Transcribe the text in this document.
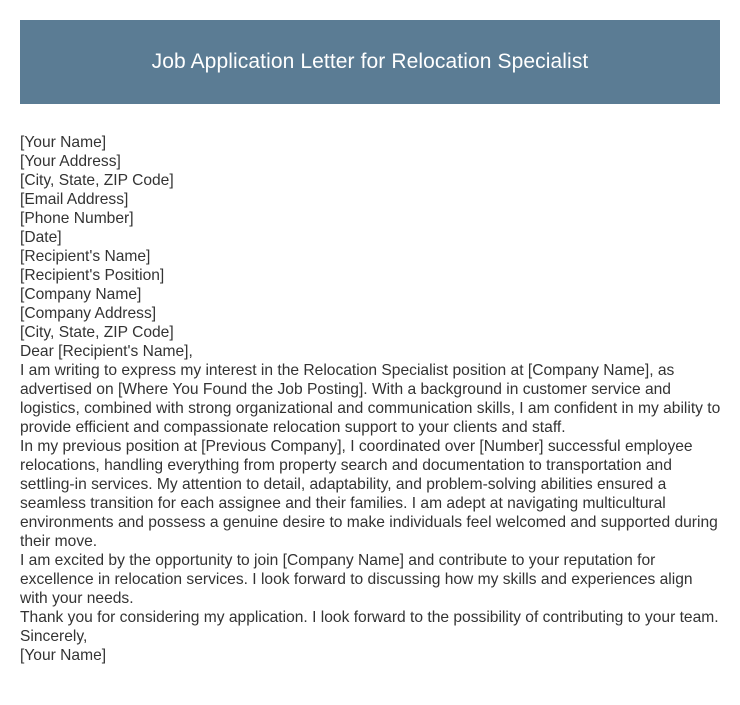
Job Application Letter for Relocation Specialist
[Your Name]
[Your Address]
[City, State, ZIP Code]
[Email Address]
[Phone Number]
[Date]
[Recipient's Name]
[Recipient's Position]
[Company Name]
[Company Address]
[City, State, ZIP Code]
Dear [Recipient's Name],

I am writing to express my interest in the Relocation Specialist position at [Company Name], as advertised on [Where You Found the Job Posting]. With a background in customer service and logistics, combined with strong organizational and communication skills, I am confident in my ability to provide efficient and compassionate relocation support to your clients and staff.

In my previous position at [Previous Company], I coordinated over [Number] successful employee relocations, handling everything from property search and documentation to transportation and settling-in services. My attention to detail, adaptability, and problem-solving abilities ensured a seamless transition for each assignee and their families. I am adept at navigating multicultural environments and possess a genuine desire to make individuals feel welcomed and supported during their move.

I am excited by the opportunity to join [Company Name] and contribute to your reputation for excellence in relocation services. I look forward to discussing how my skills and experiences align with your needs.

Thank you for considering my application. I look forward to the possibility of contributing to your team.

Sincerely,
[Your Name]
